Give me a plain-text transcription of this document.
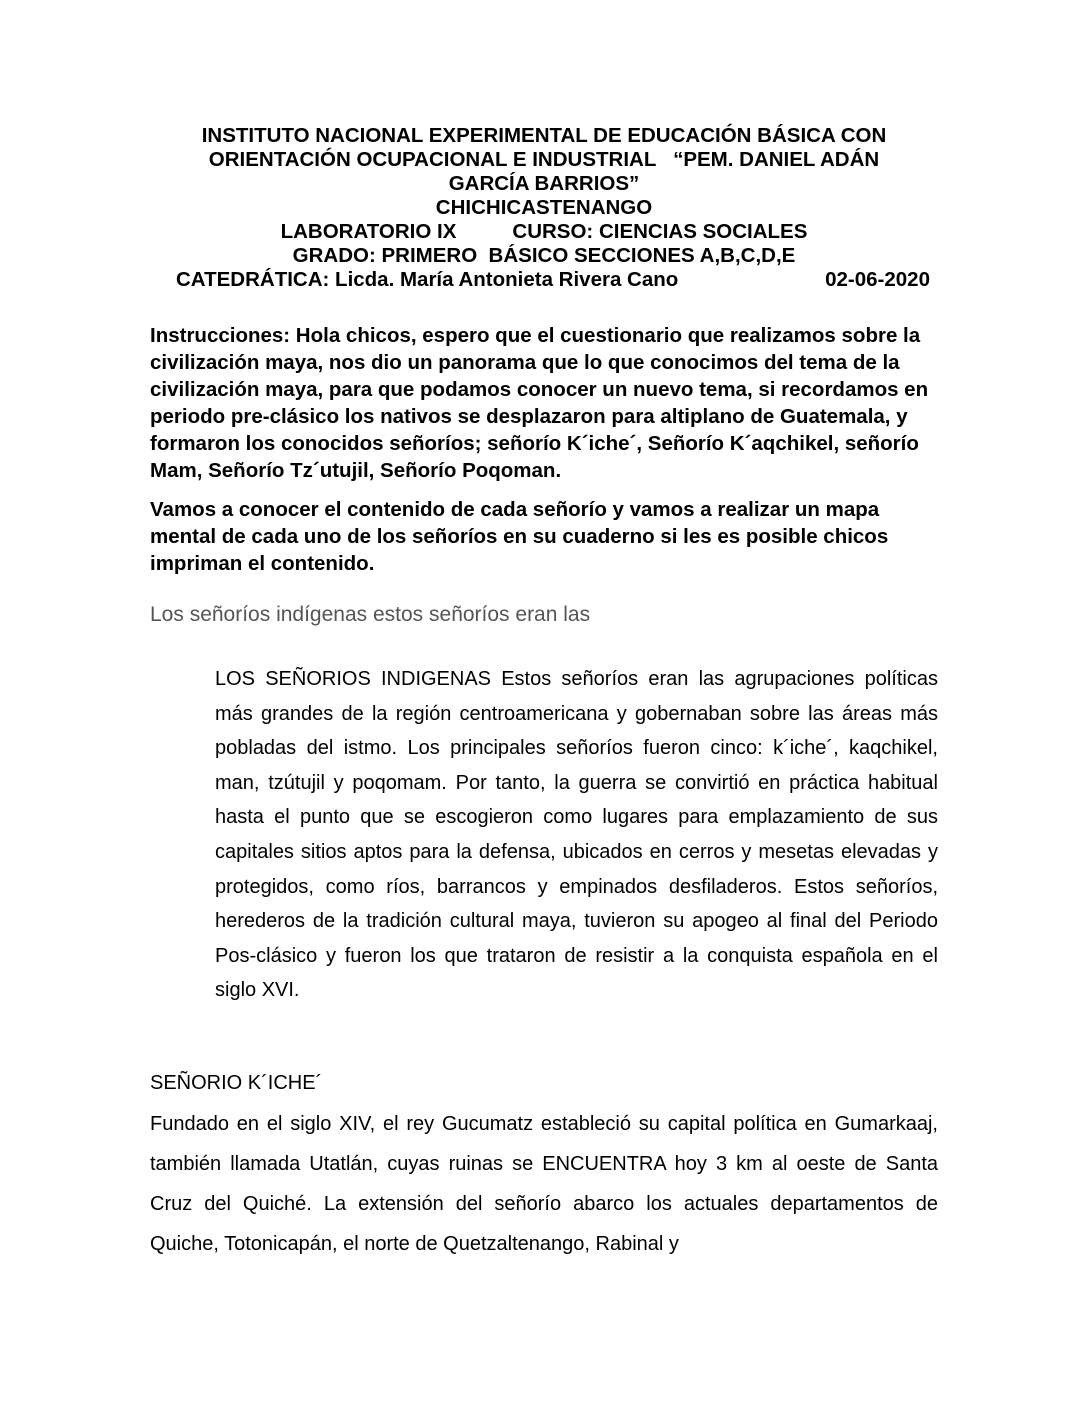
INSTITUTO NACIONAL EXPERIMENTAL DE EDUCACIÓN BÁSICA CON
ORIENTACIÓN OCUPACIONAL E INDUSTRIAL   “PEM. DANIEL ADÁN
GARCÍA BARRIOS”
CHICHICASTENANGO
LABORATORIO IX	CURSO: CIENCIAS SOCIALES
GRADO: PRIMERO  BÁSICO SECCIONES A,B,C,D,E
CATEDRÁTICA: Licda. María Antonieta Rivera Cano	02-06-2020

Instrucciones: Hola chicos, espero que el cuestionario que realizamos sobre la civilización maya, nos dio un panorama que lo que conocimos del tema de la civilización maya, para que podamos conocer un nuevo tema, si recordamos en periodo pre-clásico los nativos se desplazaron para altiplano de Guatemala, y formaron los conocidos señoríos; señorío K´iche´, Señorío K´aqchikel, señorío Mam, Señorío Tz´utujil, Señorío Poqoman.

Vamos a conocer el contenido de cada señorío y vamos a realizar un mapa mental de cada uno de los señoríos en su cuaderno si les es posible chicos impriman el contenido.

Los señoríos indígenas estos señoríos eran las

LOS SEÑORIOS INDIGENAS Estos señoríos eran las agrupaciones políticas más grandes de la región centroamericana y gobernaban sobre las áreas más pobladas del istmo. Los principales señoríos fueron cinco: k´iche´, kaqchikel, man, tzútujil y poqomam. Por tanto, la guerra se convirtió en práctica habitual hasta el punto que se escogieron como lugares para emplazamiento de sus capitales sitios aptos para la defensa, ubicados en cerros y mesetas elevadas y protegidos, como ríos, barrancos y empinados desfiladeros. Estos señoríos, herederos de la tradición cultural maya, tuvieron su apogeo al final del Periodo Pos-clásico y fueron los que trataron de resistir a la conquista española en el siglo XVI.

SEÑORIO K´ICHE´

Fundado en el siglo XIV, el rey Gucumatz estableció su capital política en Gumarkaaj, también llamada Utatlán, cuyas ruinas se ENCUENTRA hoy 3 km al oeste de Santa Cruz del Quiché. La extensión del señorío abarco los actuales departamentos de Quiche, Totonicapán, el norte de Quetzaltenango, Rabinal y
